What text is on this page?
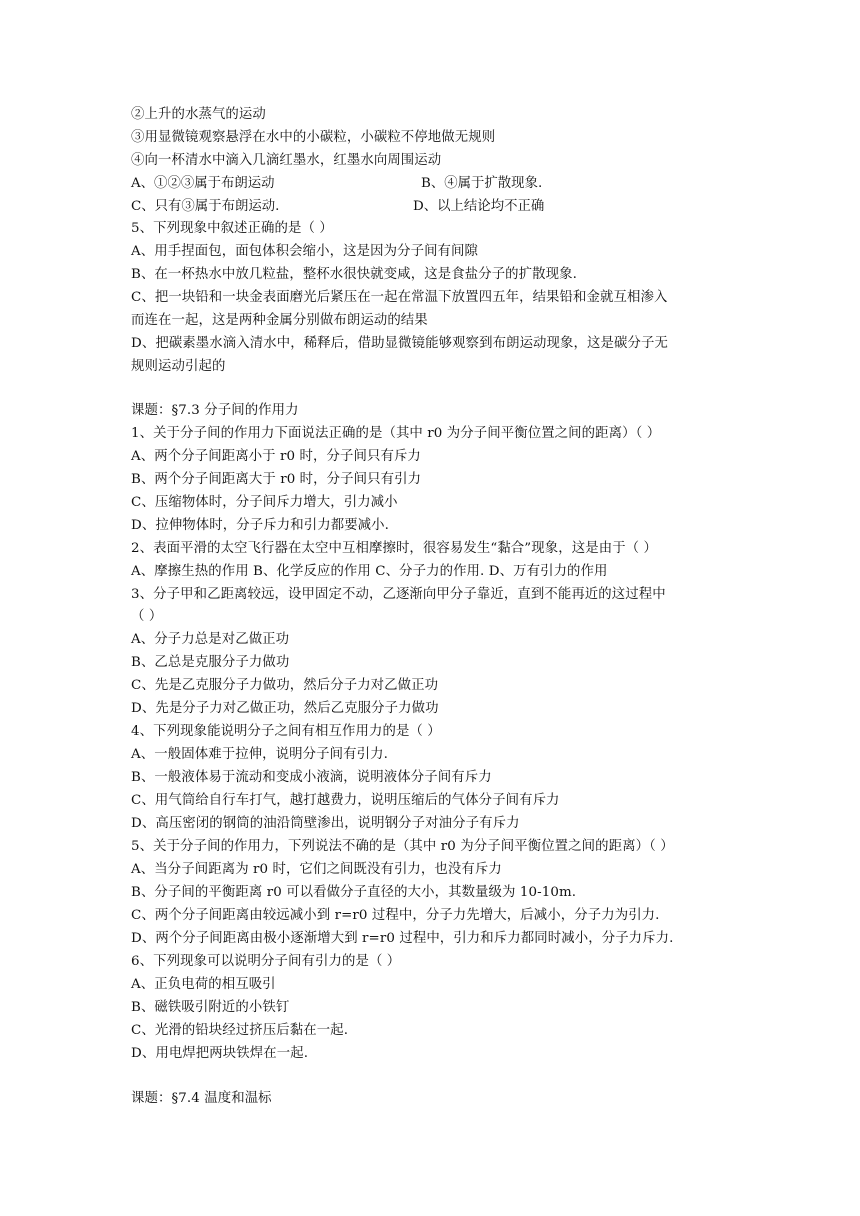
②上升的水蒸气的运动
③用显微镜观察悬浮在水中的小碳粒，小碳粒不停地做无规则
④向一杯清水中滴入几滴红墨水，红墨水向周围运动
A、①②③属于布朗运动	B、④属于扩散现象.
C、只有③属于布朗运动.	D、以上结论均不正确
5、下列现象中叙述正确的是（ ）
A、用手捏面包，面包体积会缩小，这是因为分子间有间隙
B、在一杯热水中放几粒盐，整杯水很快就变咸，这是食盐分子的扩散现象.
C、把一块铅和一块金表面磨光后紧压在一起在常温下放置四五年，结果铅和金就互相渗入
而连在一起，这是两种金属分别做布朗运动的结果
D、把碳素墨水滴入清水中，稀释后，借助显微镜能够观察到布朗运动现象，这是碳分子无
规则运动引起的
课题：§7.3 分子间的作用力
1、关于分子间的作用力下面说法正确的是（其中 r0 为分子间平衡位置之间的距离）（ ）
A、两个分子间距离小于 r0 时，分子间只有斥力
B、两个分子间距离大于 r0 时，分子间只有引力
C、压缩物体时，分子间斥力增大，引力减小
D、拉伸物体时，分子斥力和引力都要减小.
2、表面平滑的太空飞行器在太空中互相摩擦时，很容易发生“黏合”现象，这是由于（ ）
A、摩擦生热的作用 B、化学反应的作用 C、分子力的作用. D、万有引力的作用
3、分子甲和乙距离较远，设甲固定不动，乙逐渐向甲分子靠近，直到不能再近的这过程中
（ ）
A、分子力总是对乙做正功
B、乙总是克服分子力做功
C、先是乙克服分子力做功，然后分子力对乙做正功
D、先是分子力对乙做正功，然后乙克服分子力做功
4、下列现象能说明分子之间有相互作用力的是（ ）
A、一般固体难于拉伸，说明分子间有引力.
B、一般液体易于流动和变成小液滴，说明液体分子间有斥力
C、用气筒给自行车打气，越打越费力，说明压缩后的气体分子间有斥力
D、高压密闭的钢筒的油沿筒壁渗出，说明钢分子对油分子有斥力
5、关于分子间的作用力，下列说法不确的是（其中 r0 为分子间平衡位置之间的距离）（ ）
A、当分子间距离为 r0 时，它们之间既没有引力，也没有斥力
B、分子间的平衡距离 r0 可以看做分子直径的大小，其数量级为 10-10m.
C、两个分子间距离由较远减小到 r=r0 过程中，分子力先增大，后减小，分子力为引力.
D、两个分子间距离由极小逐渐增大到 r=r0 过程中，引力和斥力都同时减小，分子力斥力.
6、下列现象可以说明分子间有引力的是（ ）
A、正负电荷的相互吸引
B、磁铁吸引附近的小铁钉
C、光滑的铅块经过挤压后黏在一起.
D、用电焊把两块铁焊在一起.
课题：§7.4 温度和温标
